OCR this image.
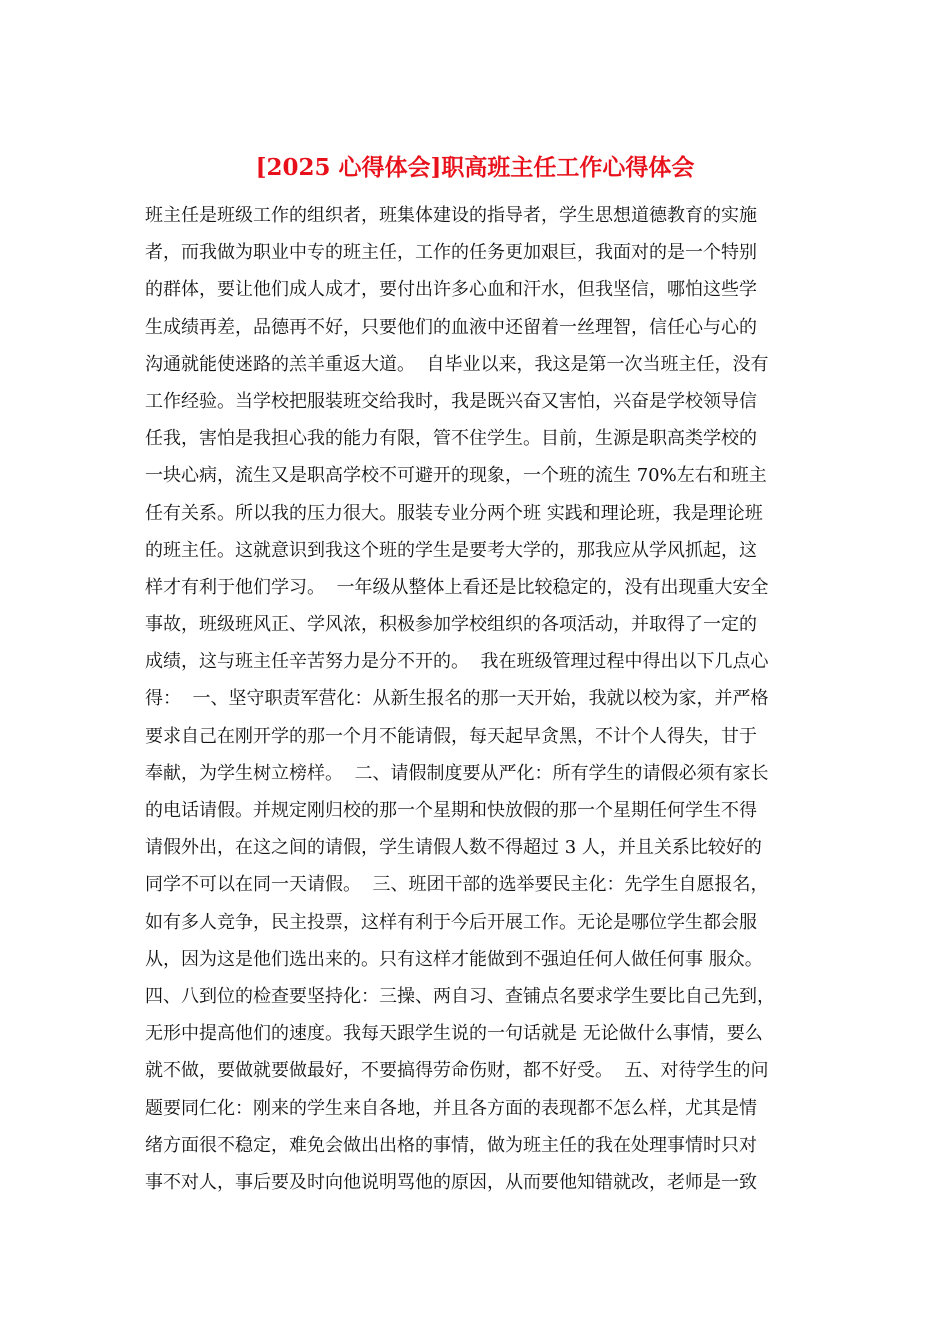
[2025 心得体会]职高班主任工作心得体会
班主任是班级工作的组织者，班集体建设的指导者，学生思想道德教育的实施
者，而我做为职业中专的班主任，工作的任务更加艰巨，我面对的是一个特别
的群体，要让他们成人成才，要付出许多心血和汗水，但我坚信，哪怕这些学
生成绩再差，品德再不好，只要他们的血液中还留着一丝理智，信任心与心的
沟通就能使迷路的羔羊重返大道。  自毕业以来，我这是第一次当班主任，没有
工作经验。当学校把服装班交给我时，我是既兴奋又害怕，兴奋是学校领导信
任我，害怕是我担心我的能力有限，管不住学生。目前，生源是职高类学校的
一块心病，流生又是职高学校不可避开的现象，一个班的流生 70%左右和班主
任有关系。所以我的压力很大。服装专业分两个班 实践和理论班，我是理论班
的班主任。这就意识到我这个班的学生是要考大学的，那我应从学风抓起，这
样才有利于他们学习。  一年级从整体上看还是比较稳定的，没有出现重大安全
事故，班级班风正、学风浓，积极参加学校组织的各项活动，并取得了一定的
成绩，这与班主任辛苦努力是分不开的。  我在班级管理过程中得出以下几点心
得：  一、坚守职责军营化：从新生报名的那一天开始，我就以校为家，并严格
要求自己在刚开学的那一个月不能请假，每天起早贪黑，不计个人得失，甘于
奉献，为学生树立榜样。  二、请假制度要从严化：所有学生的请假必须有家长
的电话请假。并规定刚归校的那一个星期和快放假的那一个星期任何学生不得
请假外出，在这之间的请假，学生请假人数不得超过 3 人，并且关系比较好的
同学不可以在同一天请假。  三、班团干部的选举要民主化：先学生自愿报名，
如有多人竞争，民主投票，这样有利于今后开展工作。无论是哪位学生都会服
从，因为这是他们选出来的。只有这样才能做到不强迫任何人做任何事 服众。
四、八到位的检查要坚持化：三操、两自习、查铺点名要求学生要比自己先到，
无形中提高他们的速度。我每天跟学生说的一句话就是 无论做什么事情，要么
就不做，要做就要做最好，不要搞得劳命伤财，都不好受。  五、对待学生的问
题要同仁化：刚来的学生来自各地，并且各方面的表现都不怎么样，尤其是情
绪方面很不稳定，难免会做出出格的事情，做为班主任的我在处理事情时只对
事不对人，事后要及时向他说明骂他的原因，从而要他知错就改，老师是一致
